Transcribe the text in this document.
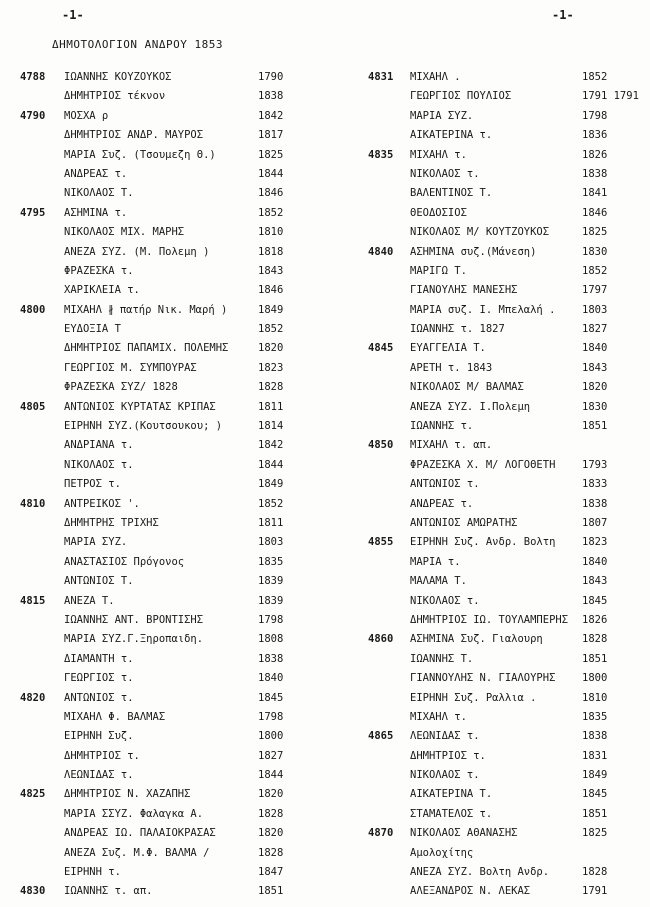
-1-	-1-
ΔΗΜΟΤΟΛΟΓΙΟΝ ΑΝΔΡΟΥ 1853
4788 ΙΩΑΝΝΗΣ ΚΟΥΖΟΥΚΟΣ	1790
ΔΗΜΗΤΡΙΟΣ τέκνον	1838
4790 ΜΟΣΧΑ ρ	1842
ΔΗΜΗΤΡΙΟΣ ΑΝΔΡ. ΜΑΥΡΟΣ	1817
ΜΑΡΙΑ Συζ. (Τσουμεζη Θ.)	1825
ΑΝΔΡΕΑΣ τ.	1844
ΝΙΚΟΛΑΟΣ Τ.	1846
4795 ΑΣΗΜΙΝΑ τ.	1852
ΝΙΚΟΛΑΟΣ ΜΙΧ. ΜΑΡΗΣ	1810
ΑΝΕΖΑ ΣΥΖ. (Μ. Πολεμη )	1818
ΦΡΑΖΕΣΚΑ τ.	1843
ΧΑΡΙΚΛΕΙΑ τ.	1846
4800 ΜΙΧΑΗΛ ∦ πατήρ Νικ. Μαρή )	1849
ΕΥΔΟΞΙΑ Τ	1852
ΔΗΜΗΤΡΙΟΣ ΠΑΠΑΜΙΧ. ΠΟΛΕΜΗΣ	1820
ΓΕΩΡΓΙΟΣ Μ. ΣΥΜΠΟΥΡΑΣ	1823
ΦΡΑΖΕΣΚΑ ΣΥΖ/ 1828	1828
4805 ΑΝΤΩΝΙΟΣ ΚΥΡΤΑΤΑΣ ΚΡΙΠΑΣ	1811
ΕΙΡΗΝΗ ΣΥΖ.(Κουτσουκου; )	1814
ΑΝΔΡΙΑΝΑ τ.	1842
ΝΙΚΟΛΑΟΣ τ.	1844
ΠΕΤΡΟΣ τ.	1849
4810 ΑΝΤΡΕΙΚΟΣ '.	1852
ΔΗΜΗΤΡΗΣ ΤΡΙΧΗΣ	1811
ΜΑΡΙΑ ΣΥΖ.	1803
ΑΝΑΣΤΑΣΙΟΣ Πρόγονος	1835
ΑΝΤΩΝΙΟΣ Τ.	1839
4815 ΑΝΕΖΑ Τ.	1839
ΙΩΑΝΝΗΣ ΑΝΤ. ΒΡΟΝΤΙΣΗΣ	1798
ΜΑΡΙΑ ΣΥΖ.Γ.Ξηροπαιδη.	1808
ΔΙΑΜΑΝΤΗ τ.	1838
ΓΕΩΡΓΙΟΣ τ.	1840
4820 ΑΝΤΩΝΙΟΣ τ.	1845
ΜΙΧΑΗΛ Φ. ΒΑΛΜΑΣ	1798
ΕΙΡΗΝΗ Συζ.	1800
ΔΗΜΗΤΡΙΟΣ τ.	1827
ΛΕΩΝΙΔΑΣ τ.	1844
4825 ΔΗΜΗΤΡΙΟΣ Ν. ΧΑΖΑΠΗΣ	1820
ΜΑΡΙΑ ΣΣΥΖ. Φαλαγκα Α.	1828
ΑΝΔΡΕΑΣ ΙΩ. ΠΑΛΑΙΟΚΡΑΣΑΣ	1820
ΑΝΕΖΑ Συζ. Μ.Φ. ΒΑΛΜΑ /	1828
ΕΙΡΗΝΗ τ.	1847
4830 ΙΩΑΝΝΗΣ τ. απ.	1851
4831 ΜΙΧΑΗΛ .	1852
ΓΕΩΡΓΙΟΣ ΠΟΥΛΙΟΣ	1791 1791
ΜΑΡΙΑ ΣΥΖ.	1798
ΑΙΚΑΤΕΡΙΝΑ τ.	1836
4835 ΜΙΧΑΗΛ τ.	1826
ΝΙΚΟΛΑΟΣ τ.	1838
ΒΑΛΕΝΤΙΝΟΣ Τ.	1841
ΘΕΟΔΟΣΙΟΣ	1846
ΝΙΚΟΛΑΟΣ Μ/ ΚΟΥΤΖΟΥΚΟΣ	1825
4840 ΑΣΗΜΙΝΑ συζ.(Μάνεση)	1830
ΜΑΡΙΓΩ Τ.	1852
ΓΙΑΝΟΥΛΗΣ ΜΑΝΕΣΗΣ	1797
ΜΑΡΙΑ συζ. Ι. Μπελαλή .	1803
ΙΩΑΝΝΗΣ τ. 1827	1827
4845 ΕΥΑΓΓΕΛΙΑ Τ.	1840
ΑΡΕΤΗ τ. 1843	1843
ΝΙΚΟΛΑΟΣ Μ/ ΒΑΛΜΑΣ	1820
ΑΝΕΖΑ ΣΥΖ. Ι.Πολεμη	1830
ΙΩΑΝΝΗΣ τ.	1851
4850 ΜΙΧΑΗΛ τ. απ.
ΦΡΑΖΕΣΚΑ Χ. Μ/ ΛΟΓΟΘΕΤΗ	1793
ΑΝΤΩΝΙΟΣ τ.	1833
ΑΝΔΡΕΑΣ τ.	1838
ΑΝΤΩΝΙΟΣ ΑΜΩΡΑΤΗΣ	1807
4855 ΕΙΡΗΝΗ Συζ. Ανδρ. Βολτη	1823
ΜΑΡΙΑ τ.	1840
ΜΑΛΑΜΑ Τ.	1843
ΝΙΚΟΛΑΟΣ τ.	1845
ΔΗΜΗΤΡΙΟΣ ΙΩ. ΤΟΥΛΑΜΠΕΡΗΣ 1826
4860 ΑΣΗΜΙΝΑ Συζ. Γιαλουρη	1828
ΙΩΑΝΝΗΣ Τ.	1851
ΓΙΑΝΝΟΥΛΗΣ Ν. ΓΙΑΛΟΥΡΗΣ	1800
ΕΙΡΗΝΗ Συζ. Ραλλια .	1810
ΜΙΧΑΗΛ τ.	1835
4865 ΛΕΩΝΙΔΑΣ τ.	1838
ΔΗΜΗΤΡΙΟΣ τ.	1831
ΝΙΚΟΛΑΟΣ τ.	1849
ΑΙΚΑΤΕΡΙΝΑ Τ.	1845
ΣΤΑΜΑΤΕΛΟΣ τ.	1851
4870 ΝΙΚΟΛΑΟΣ ΑΘΑΝΑΣΗΣ	1825
Αμολοχίτης
ΑΝΕΖΑ ΣΥΖ. Βολτη Ανδρ.	1828
ΑΛΕΞΑΝΔΡΟΣ Ν. ΛΕΚΑΣ	1791
